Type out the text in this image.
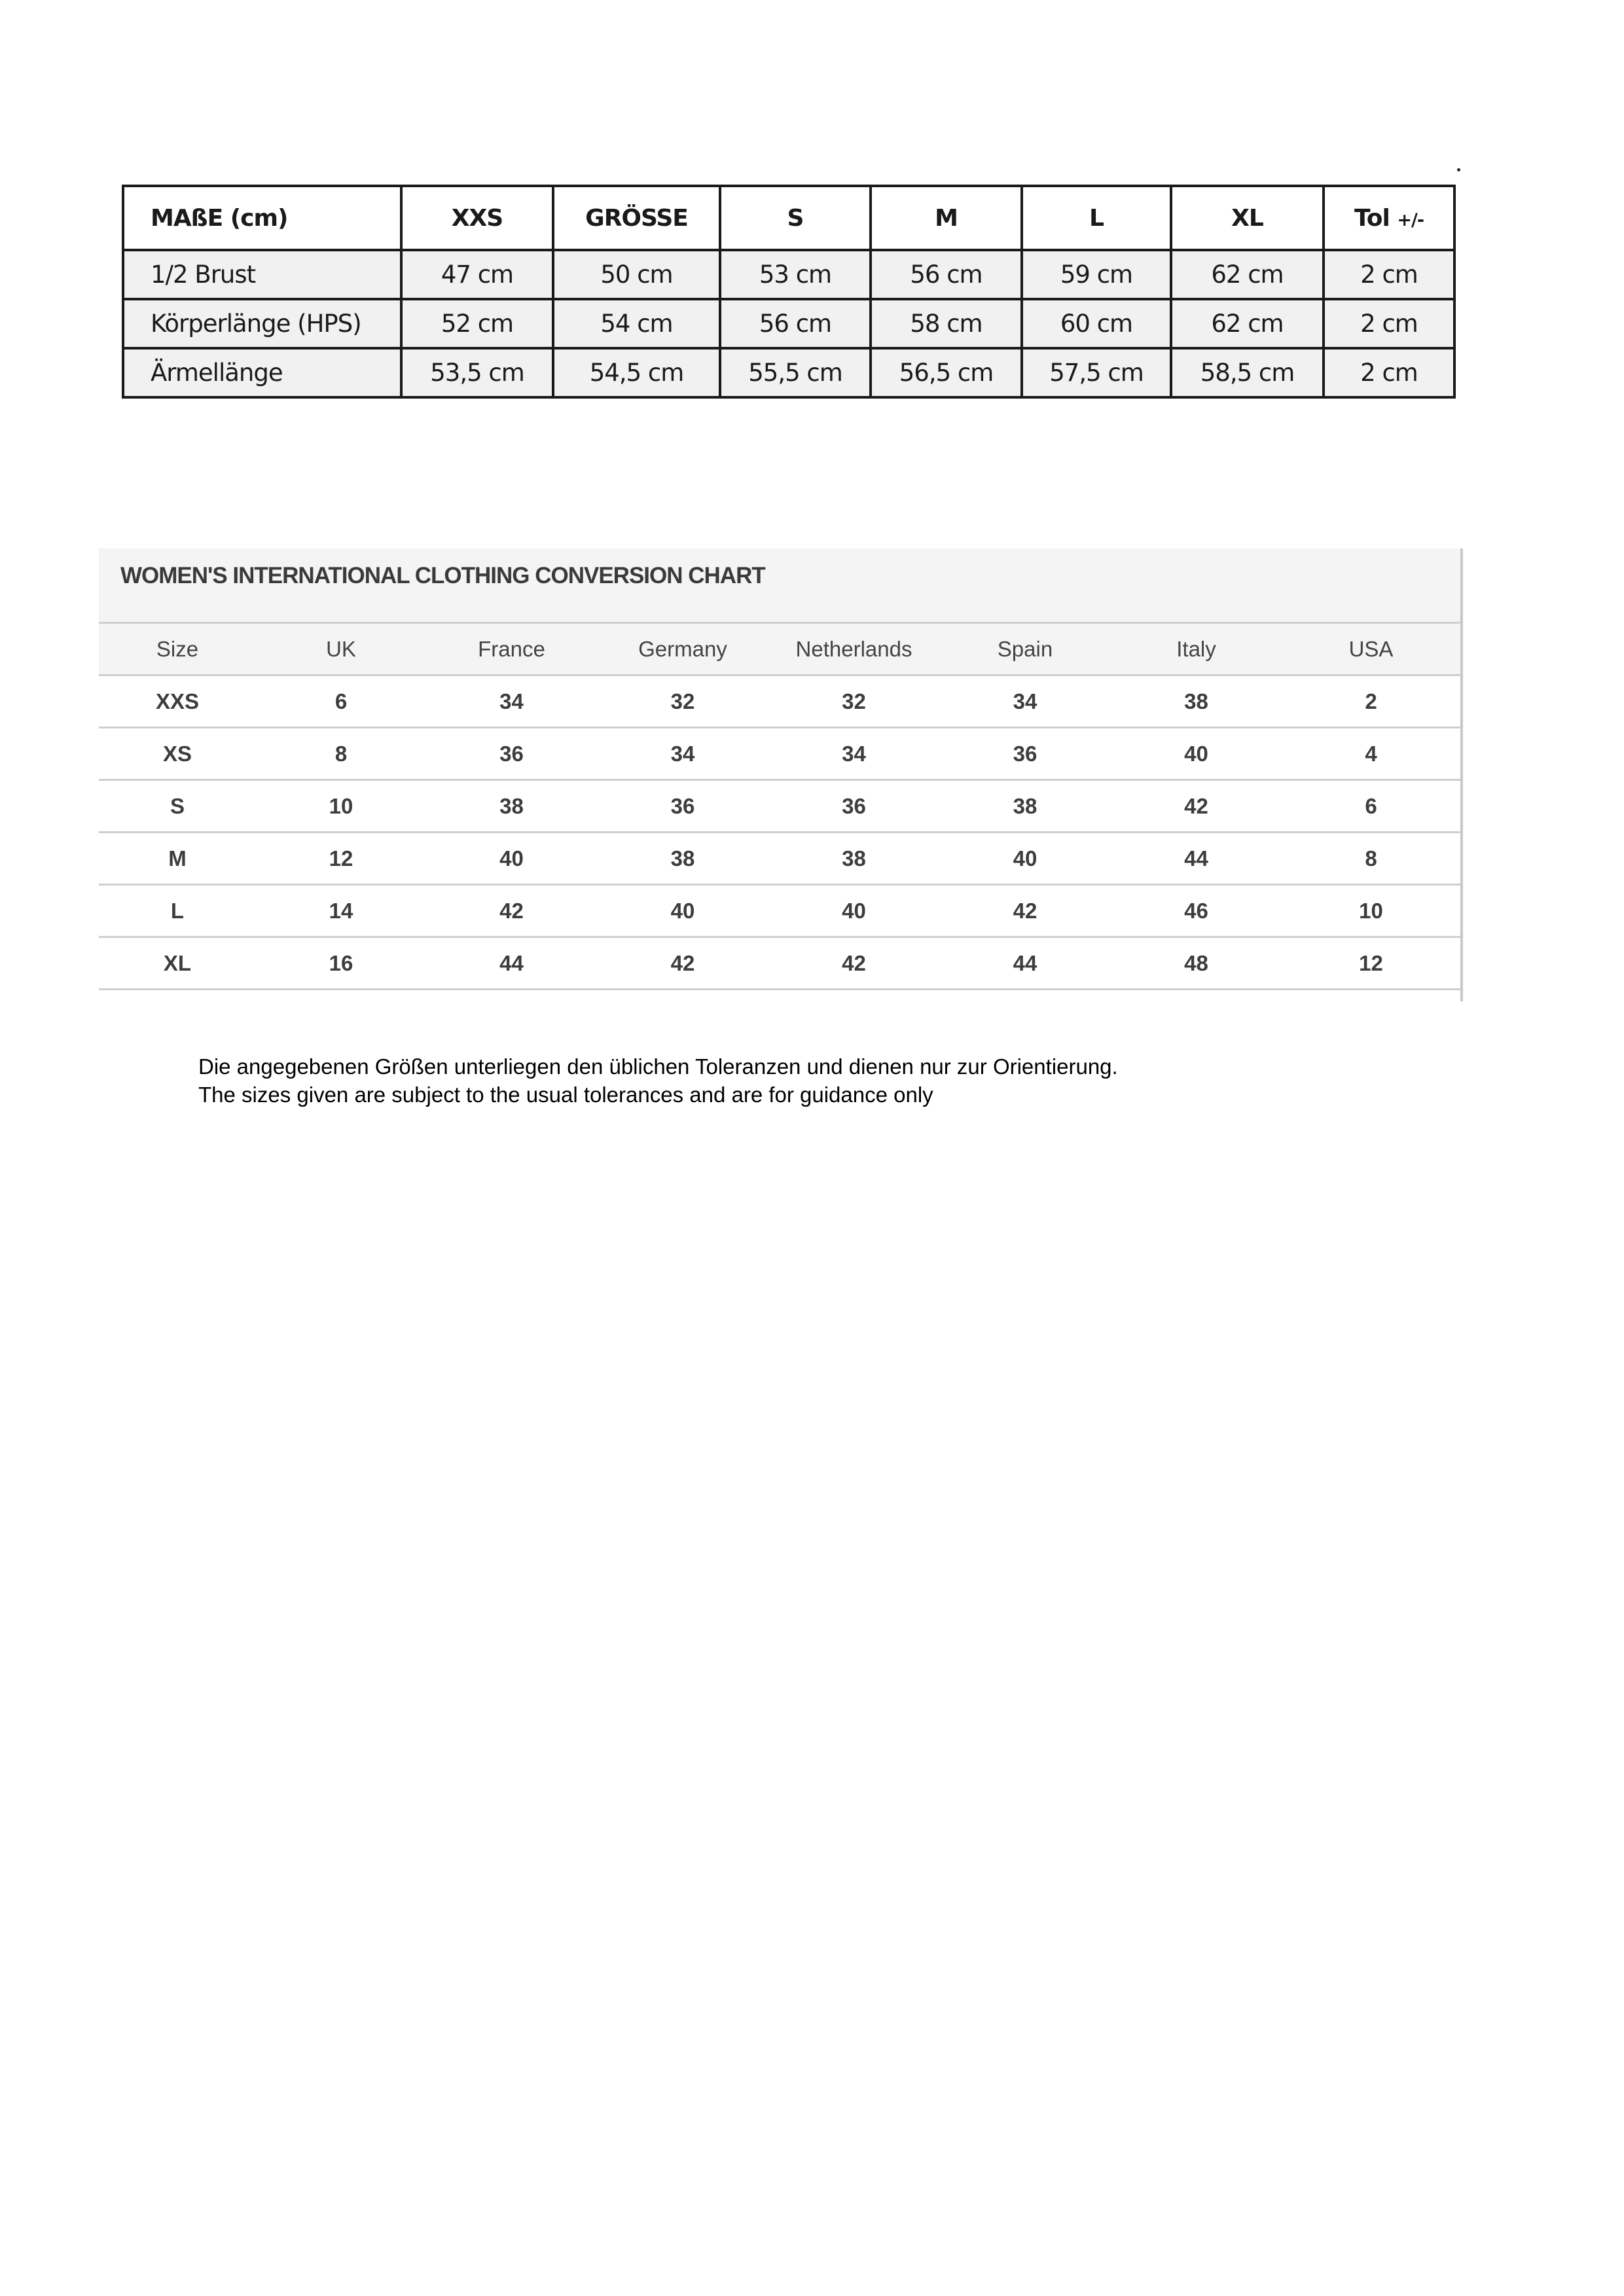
MAßE (cm)	XXS	GRÖSSE	S	M	L	XL	Tol +/-
1/2 Brust	47 cm	50 cm	53 cm	56 cm	59 cm	62 cm	2 cm
Körperlänge (HPS)	52 cm	54 cm	56 cm	58 cm	60 cm	62 cm	2 cm
Ärmellänge	53,5 cm	54,5 cm	55,5 cm	56,5 cm	57,5 cm	58,5 cm	2 cm
WOMEN'S INTERNATIONAL CLOTHING CONVERSION CHART
Size	UK	France	Germany	Netherlands	Spain	Italy	USA
XXS	6	34	32	32	34	38	2
XS	8	36	34	34	36	40	4
S	10	38	36	36	38	42	6
M	12	40	38	38	40	44	8
L	14	42	40	40	42	46	10
XL	16	44	42	42	44	48	12
Die angegebenen Größen unterliegen den üblichen Toleranzen und dienen nur zur Orientierung.
The sizes given are subject to the usual tolerances and are for guidance only
